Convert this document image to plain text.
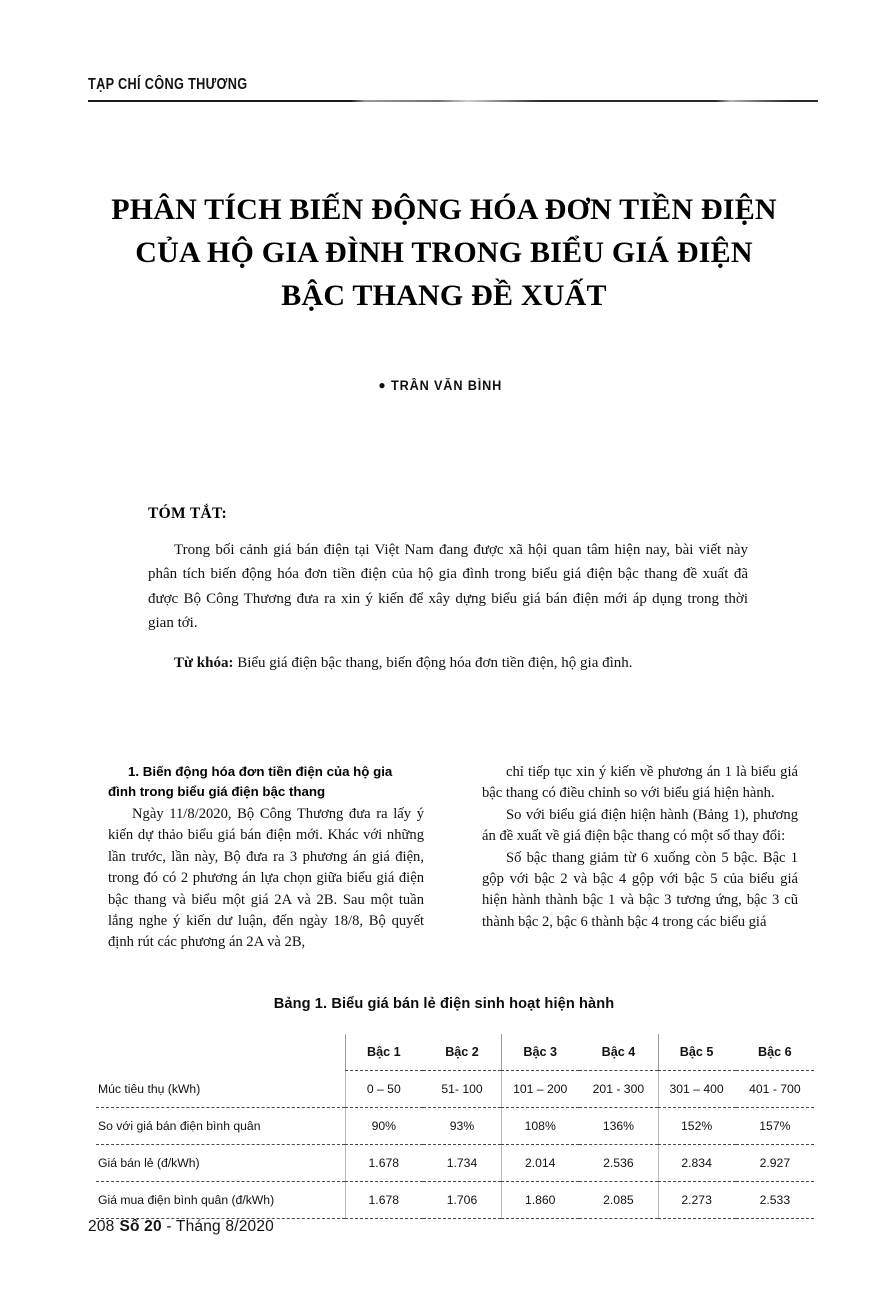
TẠP CHÍ CÔNG THƯƠNG
PHÂN TÍCH BIẾN ĐỘNG HÓA ĐƠN TIỀN ĐIỆN
CỦA HỘ GIA ĐÌNH TRONG BIỂU GIÁ ĐIỆN
BẬC THANG ĐỀ XUẤT
● TRẦN VĂN BÌNH
TÓM TẮT:

Trong bối cảnh giá bán điện tại Việt Nam đang được xã hội quan tâm hiện nay, bài viết này phân tích biến động hóa đơn tiền điện của hộ gia đình trong biểu giá điện bậc thang đề xuất đã được Bộ Công Thương đưa ra xin ý kiến để xây dựng biểu giá bán điện mới áp dụng trong thời gian tới.

Từ khóa: Biểu giá điện bậc thang, biến động hóa đơn tiền điện, hộ gia đình.

1. Biến động hóa đơn tiền điện của hộ gia đình trong biểu giá điện bậc thang

Ngày 11/8/2020, Bộ Công Thương đưa ra lấy ý kiến dự thảo biểu giá bán điện mới. Khác với những lần trước, lần này, Bộ đưa ra 3 phương án giá điện, trong đó có 2 phương án lựa chọn giữa biểu giá điện bậc thang và biểu một giá 2A và 2B. Sau một tuần lắng nghe ý kiến dư luận, đến ngày 18/8, Bộ quyết định rút các phương án 2A và 2B,

chỉ tiếp tục xin ý kiến về phương án 1 là biểu giá bậc thang có điều chỉnh so với biểu giá hiện hành.

So với biểu giá điện hiện hành (Bảng 1), phương án đề xuất về giá điện bậc thang có một số thay đổi:

Số bậc thang giảm từ 6 xuống còn 5 bậc. Bậc 1 gộp với bậc 2 và bậc 4 gộp với bậc 5 của biểu giá hiện hành thành bậc 1 và bậc 3 tương ứng, bậc 3 cũ thành bậc 2, bậc 6 thành bậc 4 trong các biểu giá

Bảng 1. Biểu giá bán lẻ điện sinh hoạt hiện hành
	Bậc 1	Bậc 2	Bậc 3	Bậc 4	Bậc 5	Bậc 6
Múc tiêu thụ (kWh)	0 – 50	51- 100	101 – 200	201 - 300	301 – 400	401 - 700
So với giá bán điện bình quân	90%	93%	108%	136%	152%	157%
Giá bán lẻ (đ/kWh)	1.678	1.734	2.014	2.536	2.834	2.927
Giá mua điện bình quân (đ/kWh)	1.678	1.706	1.860	2.085	2.273	2.533
208 Số 20 - Tháng 8/2020
